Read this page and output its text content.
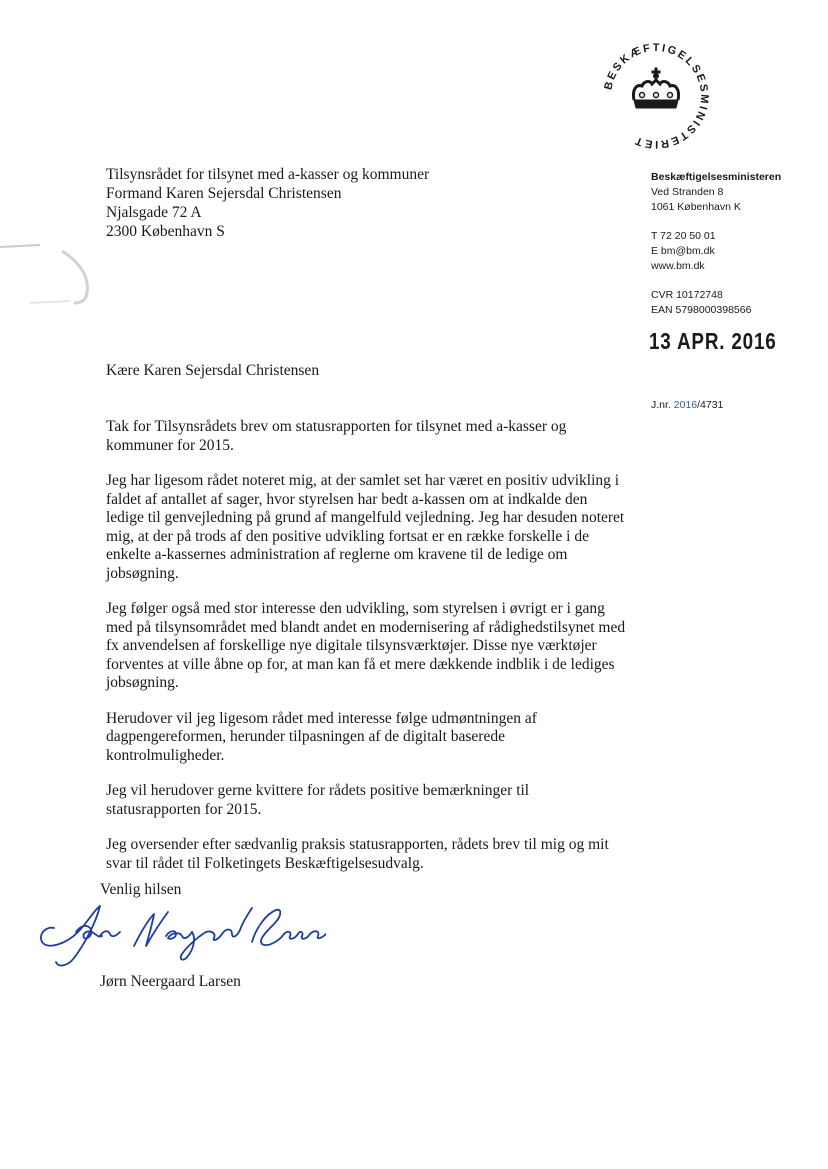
BESKÆFTIGELSESMINISTERIET
Tilsynsrådet for tilsynet med a-kasser og kommuner
Formand Karen Sejersdal Christensen
Njalsgade 72 A
2300 København S
Beskæftigelsesministeren
Ved Stranden 8
1061 København K
T 72 20 50 01
E bm@bm.dk
www.bm.dk
CVR 10172748
EAN 5798000398566
13 APR. 2016
J.nr. 2016/4731
Kære Karen Sejersdal Christensen

Tak for Tilsynsrådets brev om statusrapporten for tilsynet med a-kasser og kommuner for 2015.

Jeg har ligesom rådet noteret mig, at der samlet set har været en positiv udvikling i faldet af antallet af sager, hvor styrelsen har bedt a-kassen om at indkalde den ledige til genvejledning på grund af mangelfuld vejledning. Jeg har desuden noteret mig, at der på trods af den positive udvikling fortsat er en række forskelle i de enkelte a-kassernes administration af reglerne om kravene til de ledige om jobsøgning.

Jeg følger også med stor interesse den udvikling, som styrelsen i øvrigt er i gang med på tilsynsområdet med blandt andet en modernisering af rådighedstilsynet med fx anvendelsen af forskellige nye digitale tilsynsværktøjer. Disse nye værktøjer forventes at ville åbne op for, at man kan få et mere dækkende indblik i de lediges jobsøgning.

Herudover vil jeg ligesom rådet med interesse følge udmøntningen af dagpengereformen, herunder tilpasningen af de digitalt baserede kontrolmuligheder.

Jeg vil herudover gerne kvittere for rådets positive bemærkninger til statusrapporten for 2015.

Jeg oversender efter sædvanlig praksis statusrapporten, rådets brev til mig og mit svar til rådet til Folketingets Beskæftigelsesudvalg.

Venlig hilsen
Jørn Neergaard Larsen
